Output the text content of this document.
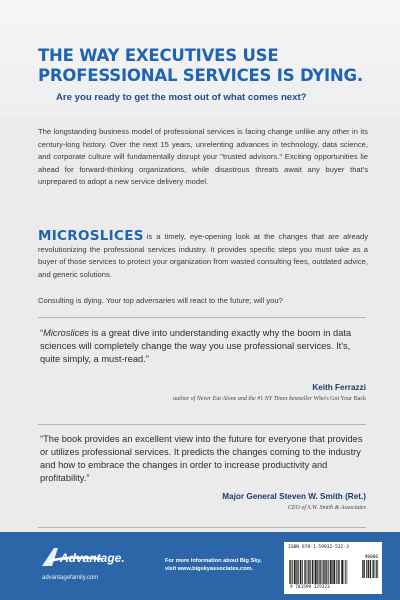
THE WAY EXECUTIVES USE PROFESSIONAL SERVICES IS DYING.
Are you ready to get the most out of what comes next?
The longstanding business model of professional services is facing change unlike any other in its century-long history. Over the next 15 years, unrelenting advances in technology, data science, and corporate culture will fundamentally disrupt your "trusted advisors." Exciting opportunities lie ahead for forward-thinking organizations, while disastrous threats await any buyer that's unprepared to adopt a new service delivery model.
MICROSLICES is a timely, eye-opening look at the changes that are already revolutionizing the professional services industry. It provides specific steps you must take as a buyer of those services to protect your organization from wasted consulting fees, outdated advice, and generic solutions.
Consulting is dying. Your top adversaries will react to the future; will you?
“Microslices is a great dive into understanding exactly why the boom in data sciences will completely change the way you use professional services. It's, quite simply, a must-read.”
Keith Ferrazzi
author of Never Eat Alone and the #1 NY Times bestseller Who's Got Your Back
“The book provides an excellent view into the future for everyone that provides or utilizes professional services. It predicts the changes coming to the industry and how to embrace the changes in order to increase productivity and profitability.”
Major General Steven W. Smith (Ret.)
CEO of S.W. Smith & Associates
Advantage.
advantagefamily.com
For more information about Big Sky,
visit www.bigskyassociates.com.
ISBN 978-1-59932-532-3
90000
9 781599 325323
